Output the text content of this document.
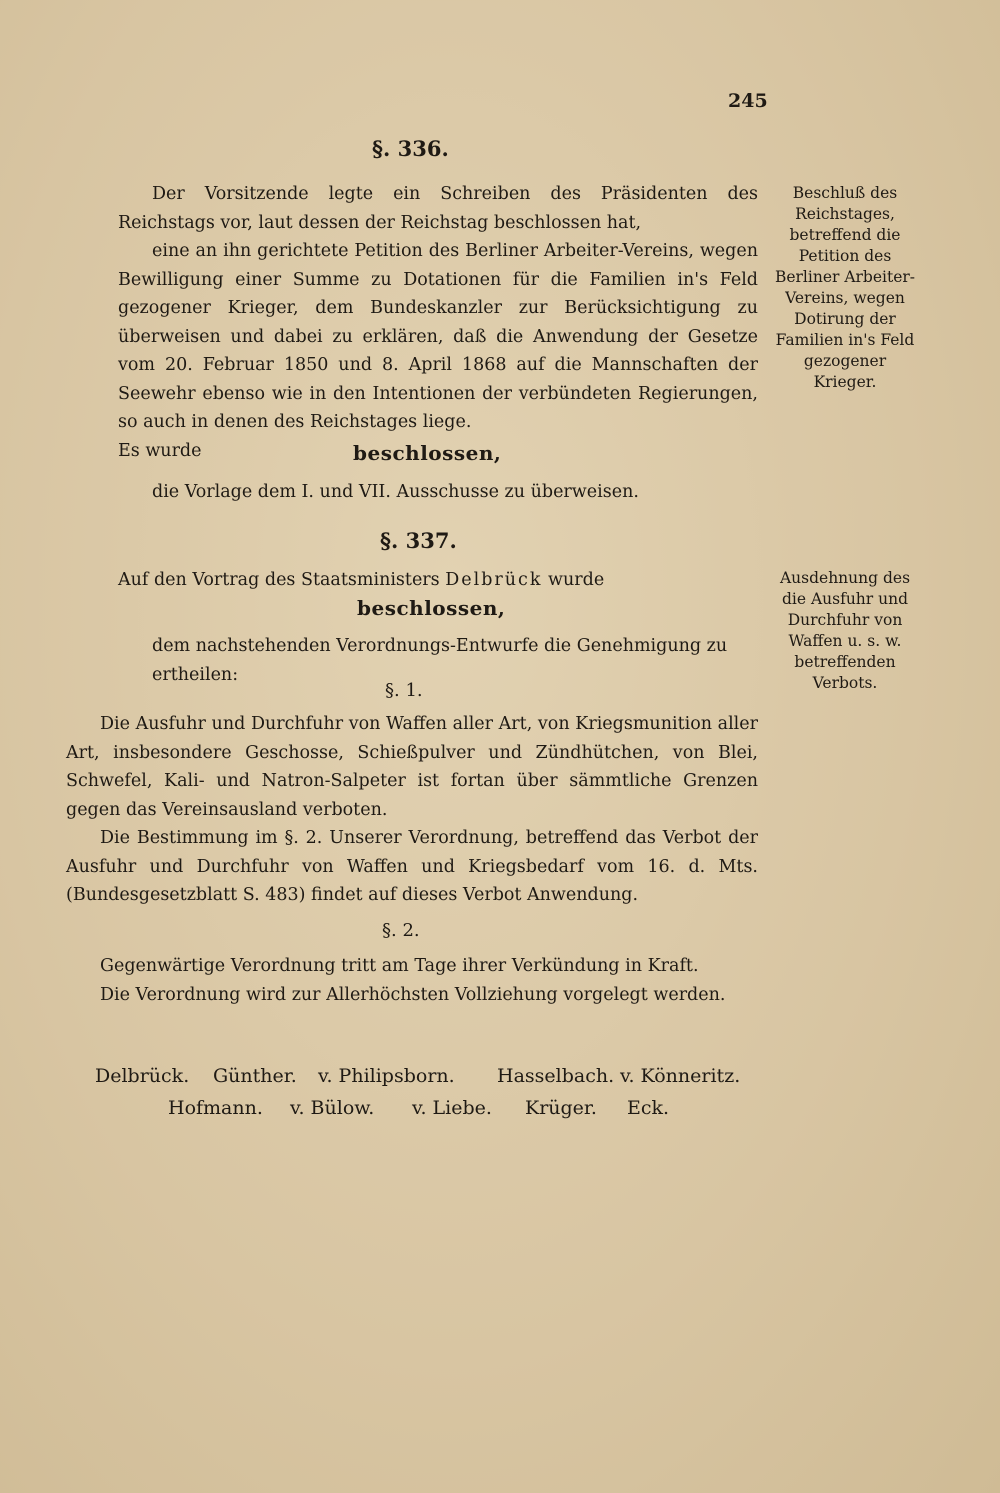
245
§. 336.

Der Vorsitzende legte ein Schreiben des Präsidenten des Reichstags vor, laut dessen der Reichstag beschlossen hat,

eine an ihn gerichtete Petition des Berliner Arbeiter-Vereins, wegen Bewilligung einer Summe zu Dotationen für die Familien in's Feld gezogener Krieger, dem Bundeskanzler zur Berücksichtigung zu überweisen und dabei zu erklären, daß die Anwendung der Gesetze vom 20. Februar 1850 und 8. April 1868 auf die Mannschaften der Seewehr ebenso wie in den Intentionen der verbündeten Regierungen, so auch in denen des Reichstages liege.

Es wurde	beschlossen,
die Vorlage dem I. und VII. Ausschusse zu überweisen.
Beschluß des Reichstages, betreffend die Petition des Berliner Arbeiter-Vereins, wegen Dotirung der Familien in's Feld gezogener Krieger.
§. 337.
Auf den Vortrag des Staatsministers Delbrück wurde
beschlossen,
dem nachstehenden Verordnungs-Entwurfe die Genehmigung zu ertheilen:
Ausdehnung des die Ausfuhr und Durchfuhr von Waffen u. s. w. betreffenden Verbots.
§. 1.

Die Ausfuhr und Durchfuhr von Waffen aller Art, von Kriegsmunition aller Art, insbesondere Geschosse, Schießpulver und Zündhütchen, von Blei, Schwefel, Kali- und Natron-Salpeter ist fortan über sämmtliche Grenzen gegen das Vereinsausland verboten.

Die Bestimmung im §. 2. Unserer Verordnung, betreffend das Verbot der Ausfuhr und Durchfuhr von Waffen und Kriegsbedarf vom 16. d. Mts. (Bundesgesetzblatt S. 483) findet auf dieses Verbot Anwendung.

§. 2.

Gegenwärtige Verordnung tritt am Tage ihrer Verkündung in Kraft.

Die Verordnung wird zur Allerhöchsten Vollziehung vorgelegt werden.

Delbrück. Günther. v. Philipsborn. Hasselbach. v. Könneritz.
Hofmann. v. Bülow. v. Liebe. Krüger. Eck.
